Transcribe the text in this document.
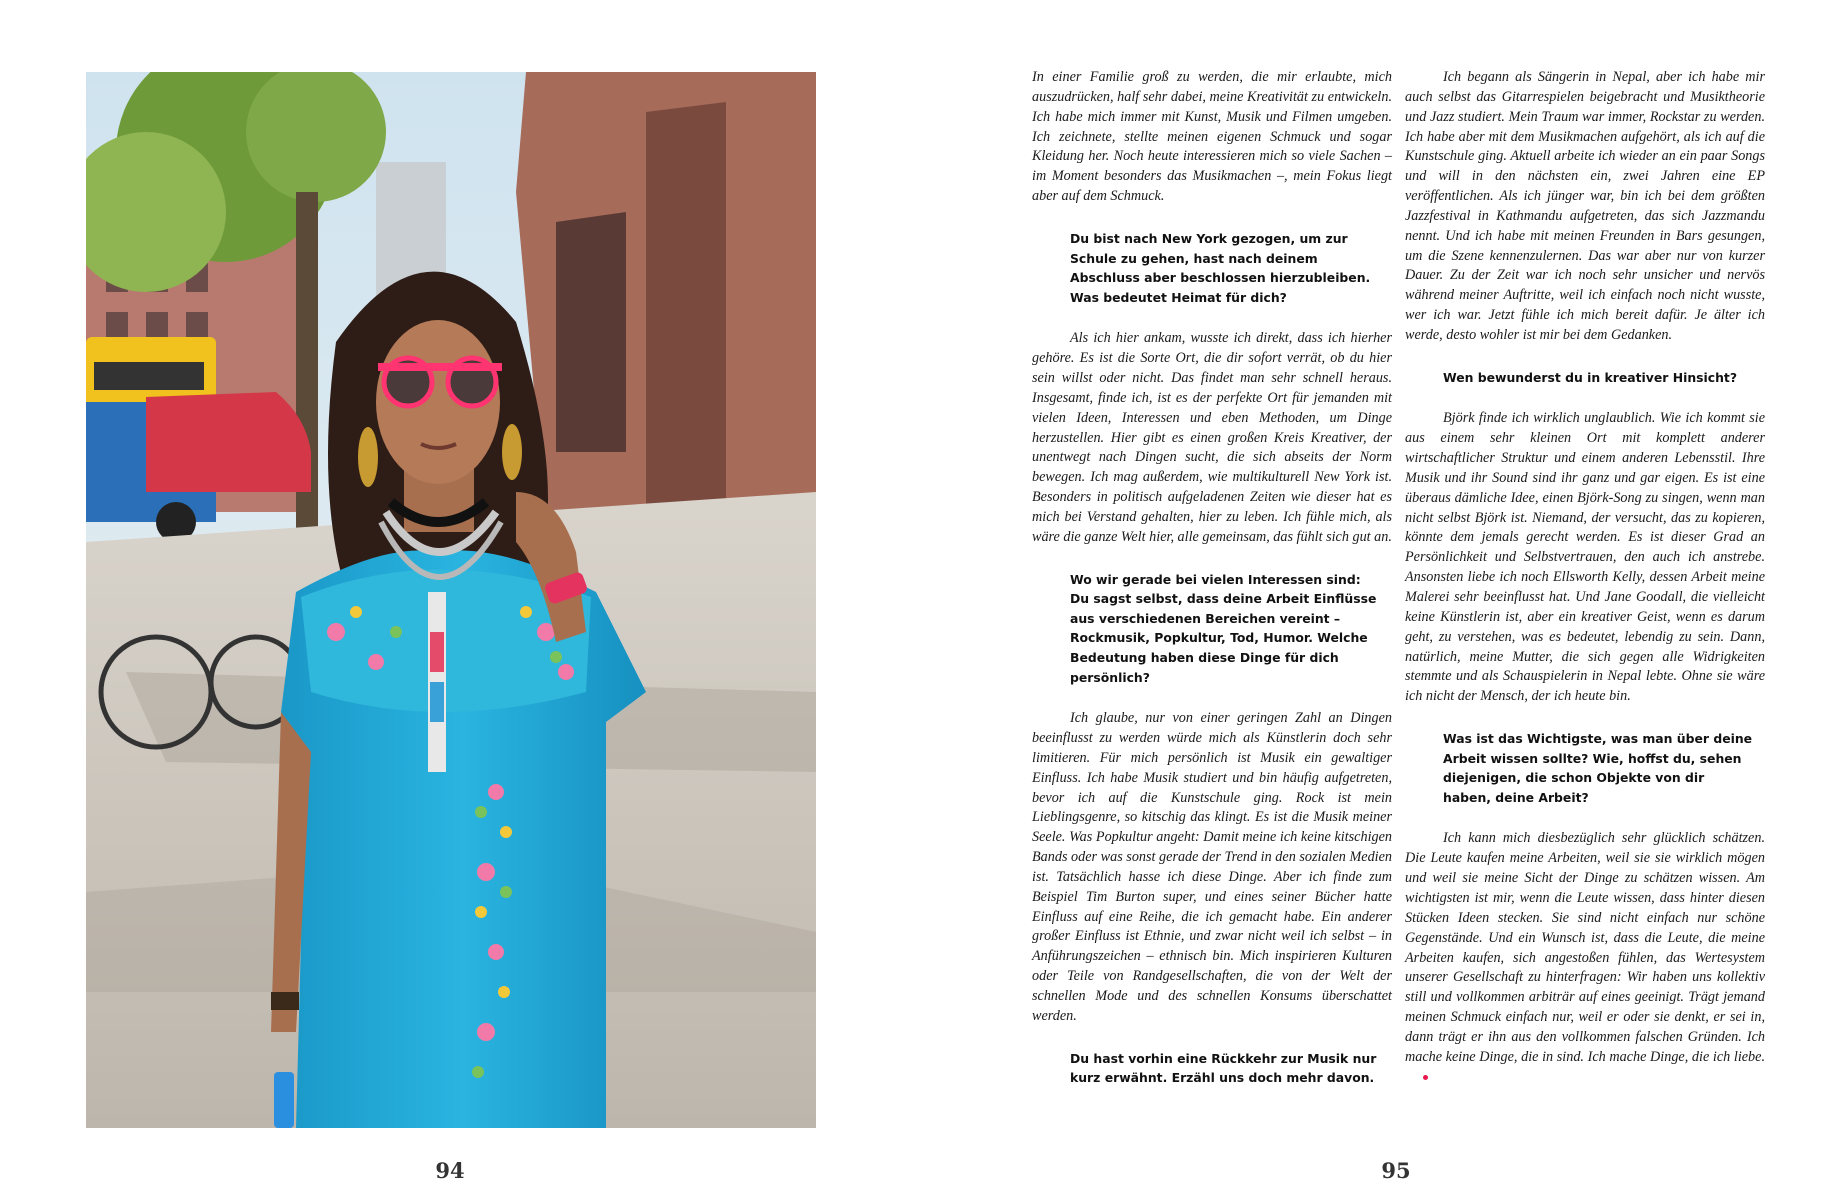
94	95

In einer Familie groß zu werden, die mir erlaubte, mich auszudrücken, half sehr dabei, meine Kreativität zu entwickeln. Ich habe mich immer mit Kunst, Musik und Filmen umgeben. Ich zeichnete, stellte meinen eigenen Schmuck und sogar Kleidung her. Noch heute interessieren mich so viele Sachen – im Moment besonders das Musikmachen –, mein Fokus liegt aber auf dem Schmuck.

Du bist nach New York gezogen, um zur Schule zu gehen, hast nach deinem Abschluss aber beschlossen hierzubleiben. Was bedeutet Heimat für dich?

Als ich hier ankam, wusste ich direkt, dass ich hierher gehöre. Es ist die Sorte Ort, die dir sofort verrät, ob du hier sein willst oder nicht. Das findet man sehr schnell heraus. Insgesamt, finde ich, ist es der perfekte Ort für jemanden mit vielen Ideen, Interessen und eben Methoden, um Dinge herzustellen. Hier gibt es einen großen Kreis Kreativer, der unentwegt nach Dingen sucht, die sich abseits der Norm bewegen. Ich mag außerdem, wie multikulturell New York ist. Besonders in politisch aufgeladenen Zeiten wie dieser hat es mich bei Verstand gehalten, hier zu leben. Ich fühle mich, als wäre die ganze Welt hier, alle gemeinsam, das fühlt sich gut an.

Wo wir gerade bei vielen Interessen sind: Du sagst selbst, dass deine Arbeit Einflüsse aus verschiedenen Bereichen vereint – Rockmusik, Popkultur, Tod, Humor. Welche Bedeutung haben diese Dinge für dich persönlich?

Ich glaube, nur von einer geringen Zahl an Dingen beeinflusst zu werden würde mich als Künstlerin doch sehr limitieren. Für mich persönlich ist Musik ein gewaltiger Einfluss. Ich habe Musik studiert und bin häufig aufgetreten, bevor ich auf die Kunstschule ging. Rock ist mein Lieblingsgenre, so kitschig das klingt. Es ist die Musik meiner Seele. Was Popkultur angeht: Damit meine ich keine kitschigen Bands oder was sonst gerade der Trend in den sozialen Medien ist. Tatsächlich hasse ich diese Dinge. Aber ich finde zum Beispiel Tim Burton super, und eines seiner Bücher hatte Einfluss auf eine Reihe, die ich gemacht habe. Ein anderer großer Einfluss ist Ethnie, und zwar nicht weil ich selbst – in Anführungszeichen – ethnisch bin. Mich inspirieren Kulturen oder Teile von Randgesellschaften, die von der Welt der schnellen Mode und des schnellen Konsums überschattet werden.

Du hast vorhin eine Rückkehr zur Musik nur kurz erwähnt. Erzähl uns doch mehr davon.

Ich begann als Sängerin in Nepal, aber ich habe mir auch selbst das Gitarrespielen beigebracht und Musiktheorie und Jazz studiert. Mein Traum war immer, Rockstar zu werden. Ich habe aber mit dem Musikmachen aufgehört, als ich auf die Kunstschule ging. Aktuell arbeite ich wieder an ein paar Songs und will in den nächsten ein, zwei Jahren eine EP veröffentlichen. Als ich jünger war, bin ich bei dem größten Jazzfestival in Kathmandu aufgetreten, das sich Jazzmandu nennt. Und ich habe mit meinen Freunden in Bars gesungen, um die Szene kennenzulernen. Das war aber nur von kurzer Dauer. Zu der Zeit war ich noch sehr unsicher und nervös während meiner Auftritte, weil ich einfach noch nicht wusste, wer ich war. Jetzt fühle ich mich bereit dafür. Je älter ich werde, desto wohler ist mir bei dem Gedanken.

Wen bewunderst du in kreativer Hinsicht?

Björk finde ich wirklich unglaublich. Wie ich kommt sie aus einem sehr kleinen Ort mit komplett anderer wirtschaftlicher Struktur und einem anderen Lebensstil. Ihre Musik und ihr Sound sind ihr ganz und gar eigen. Es ist eine überaus dämliche Idee, einen Björk-Song zu singen, wenn man nicht selbst Björk ist. Niemand, der versucht, das zu kopieren, könnte dem jemals gerecht werden. Es ist dieser Grad an Persönlichkeit und Selbstvertrauen, den auch ich anstrebe. Ansonsten liebe ich noch Ellsworth Kelly, dessen Arbeit meine Malerei sehr beeinflusst hat. Und Jane Goodall, die vielleicht keine Künstlerin ist, aber ein kreativer Geist, wenn es darum geht, zu verstehen, was es bedeutet, lebendig zu sein. Dann, natürlich, meine Mutter, die sich gegen alle Widrigkeiten stemmte und als Schauspielerin in Nepal lebte. Ohne sie wäre ich nicht der Mensch, der ich heute bin.

Was ist das Wichtigste, was man über deine Arbeit wissen sollte? Wie, hoffst du, sehen diejenigen, die schon Objekte von dir haben, deine Arbeit?

Ich kann mich diesbezüglich sehr glücklich schätzen. Die Leute kaufen meine Arbeiten, weil sie sie wirklich mögen und weil sie meine Sicht der Dinge zu schätzen wissen. Am wichtigsten ist mir, wenn die Leute wissen, dass hinter diesen Stücken Ideen stecken. Sie sind nicht einfach nur schöne Gegenstände. Und ein Wunsch ist, dass die Leute, die meine Arbeiten kaufen, sich angestoßen fühlen, das Wertesystem unserer Gesellschaft zu hinterfragen: Wir haben uns kollektiv still und vollkommen arbiträr auf eines geeinigt. Trägt jemand meinen Schmuck einfach nur, weil er oder sie denkt, er sei in, dann trägt er ihn aus den vollkommen falschen Gründen. Ich mache keine Dinge, die in sind. Ich mache Dinge, die ich liebe.
